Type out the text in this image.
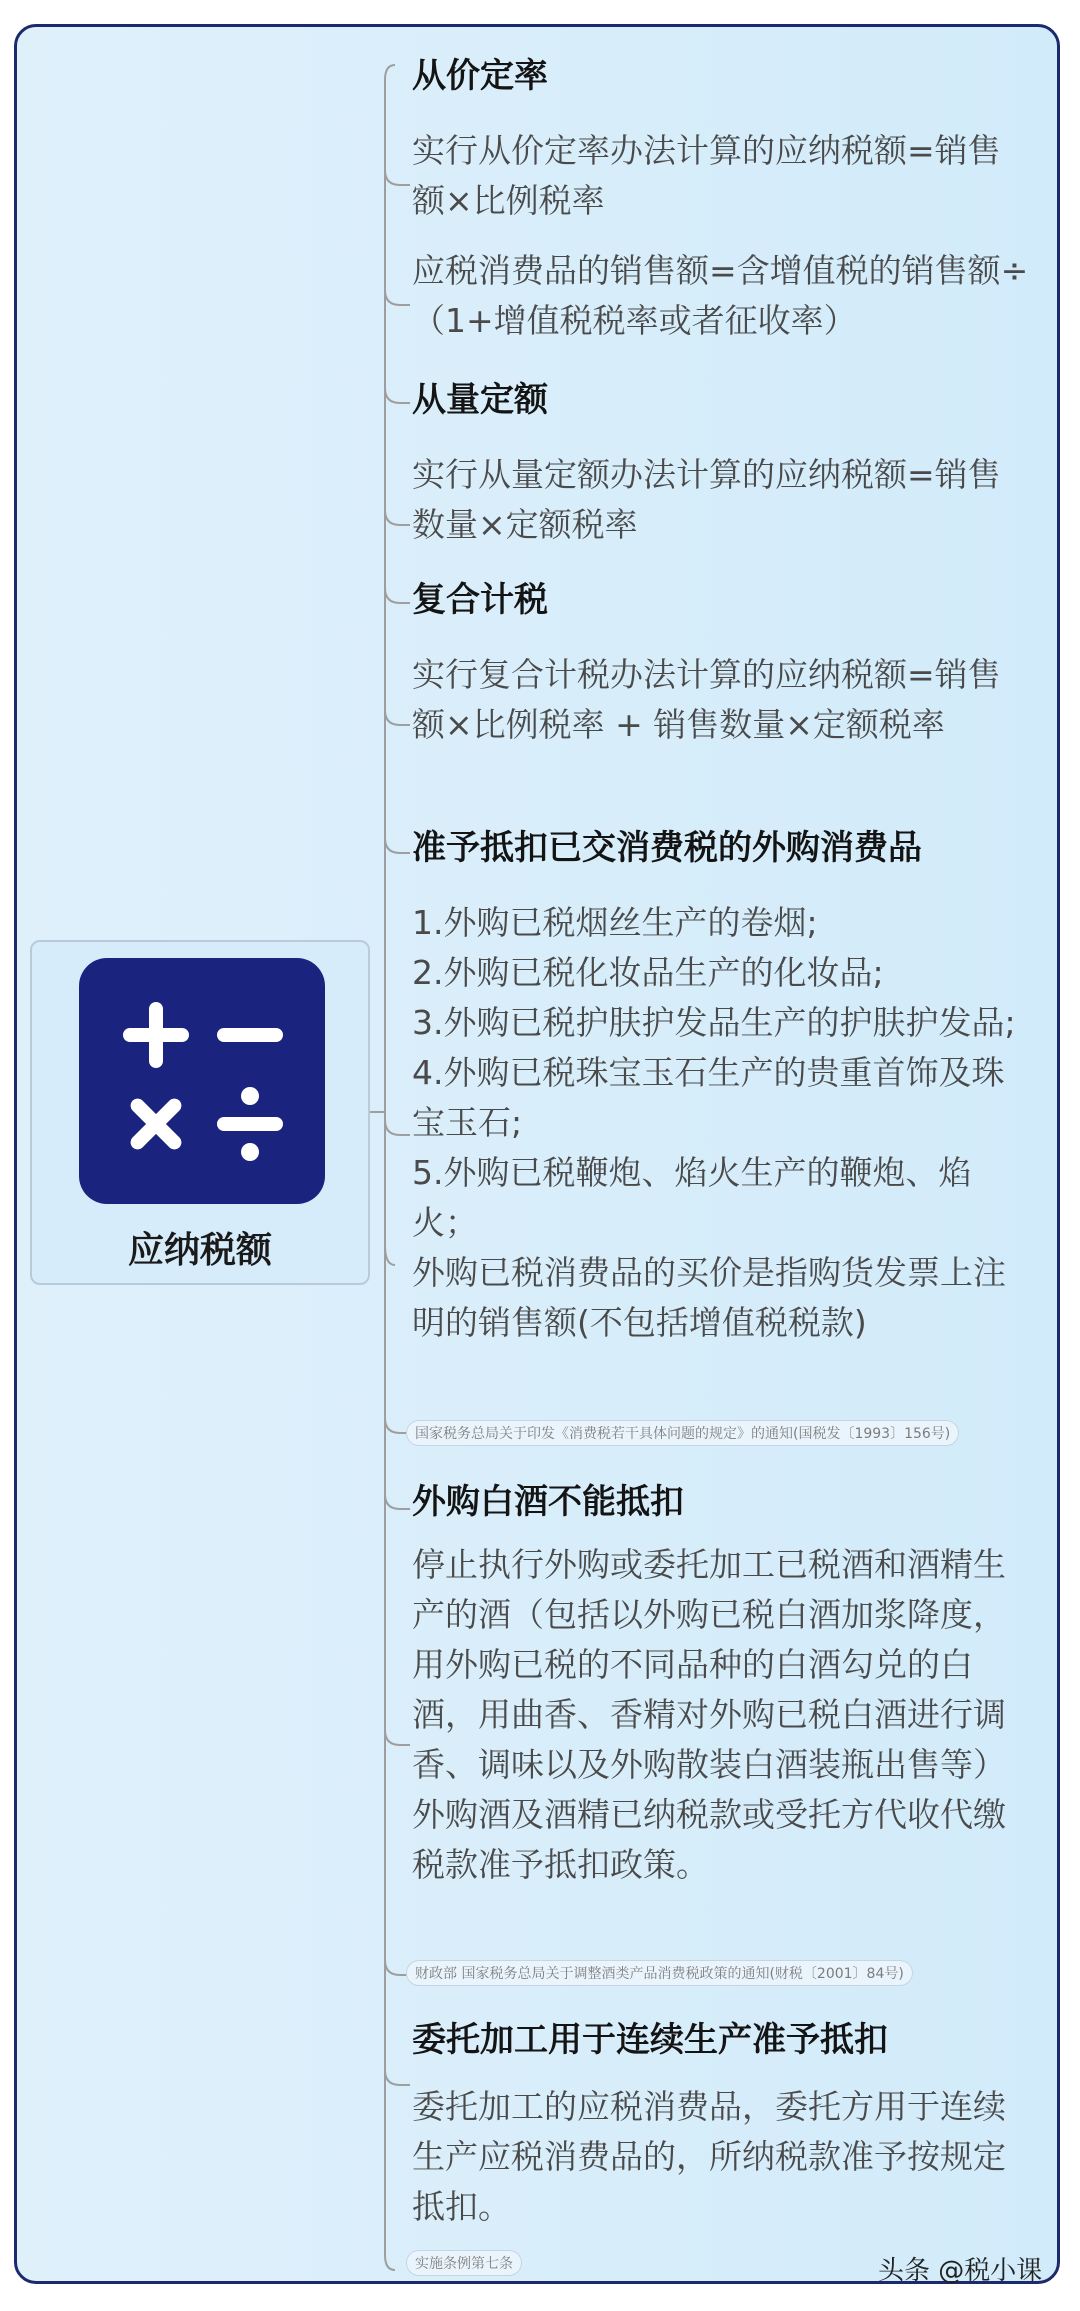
应纳税额
从价定率
实行从价定率办法计算的应纳税额=销售额×比例税率
应税消费品的销售额=含增值税的销售额÷（1+增值税税率或者征收率）
从量定额
实行从量定额办法计算的应纳税额=销售数量×定额税率
复合计税
实行复合计税办法计算的应纳税额=销售额×比例税率 + 销售数量×定额税率
准予抵扣已交消费税的外购消费品
1.外购已税烟丝生产的卷烟;
2.外购已税化妆品生产的化妆品;
3.外购已税护肤护发品生产的护肤护发品;
4.外购已税珠宝玉石生产的贵重首饰及珠宝玉石;
5.外购已税鞭炮、焰火生产的鞭炮、焰火；
外购已税消费品的买价是指购货发票上注明的销售额(不包括增值税税款)
国家税务总局关于印发《消费税若干具体问题的规定》的通知(国税发〔1993〕156号)
外购白酒不能抵扣
停止执行外购或委托加工已税酒和酒精生产的酒（包括以外购已税白酒加浆降度，用外购已税的不同品种的白酒勾兑的白酒，用曲香、香精对外购已税白酒进行调香、调味以及外购散装白酒装瓶出售等）外购酒及酒精已纳税款或受托方代收代缴税款准予抵扣政策。
财政部 国家税务总局关于调整酒类产品消费税政策的通知(财税〔2001〕84号)
委托加工用于连续生产准予抵扣
委托加工的应税消费品，委托方用于连续生产应税消费品的，所纳税款准予按规定抵扣。
实施条例第七条	头条 @税小课
